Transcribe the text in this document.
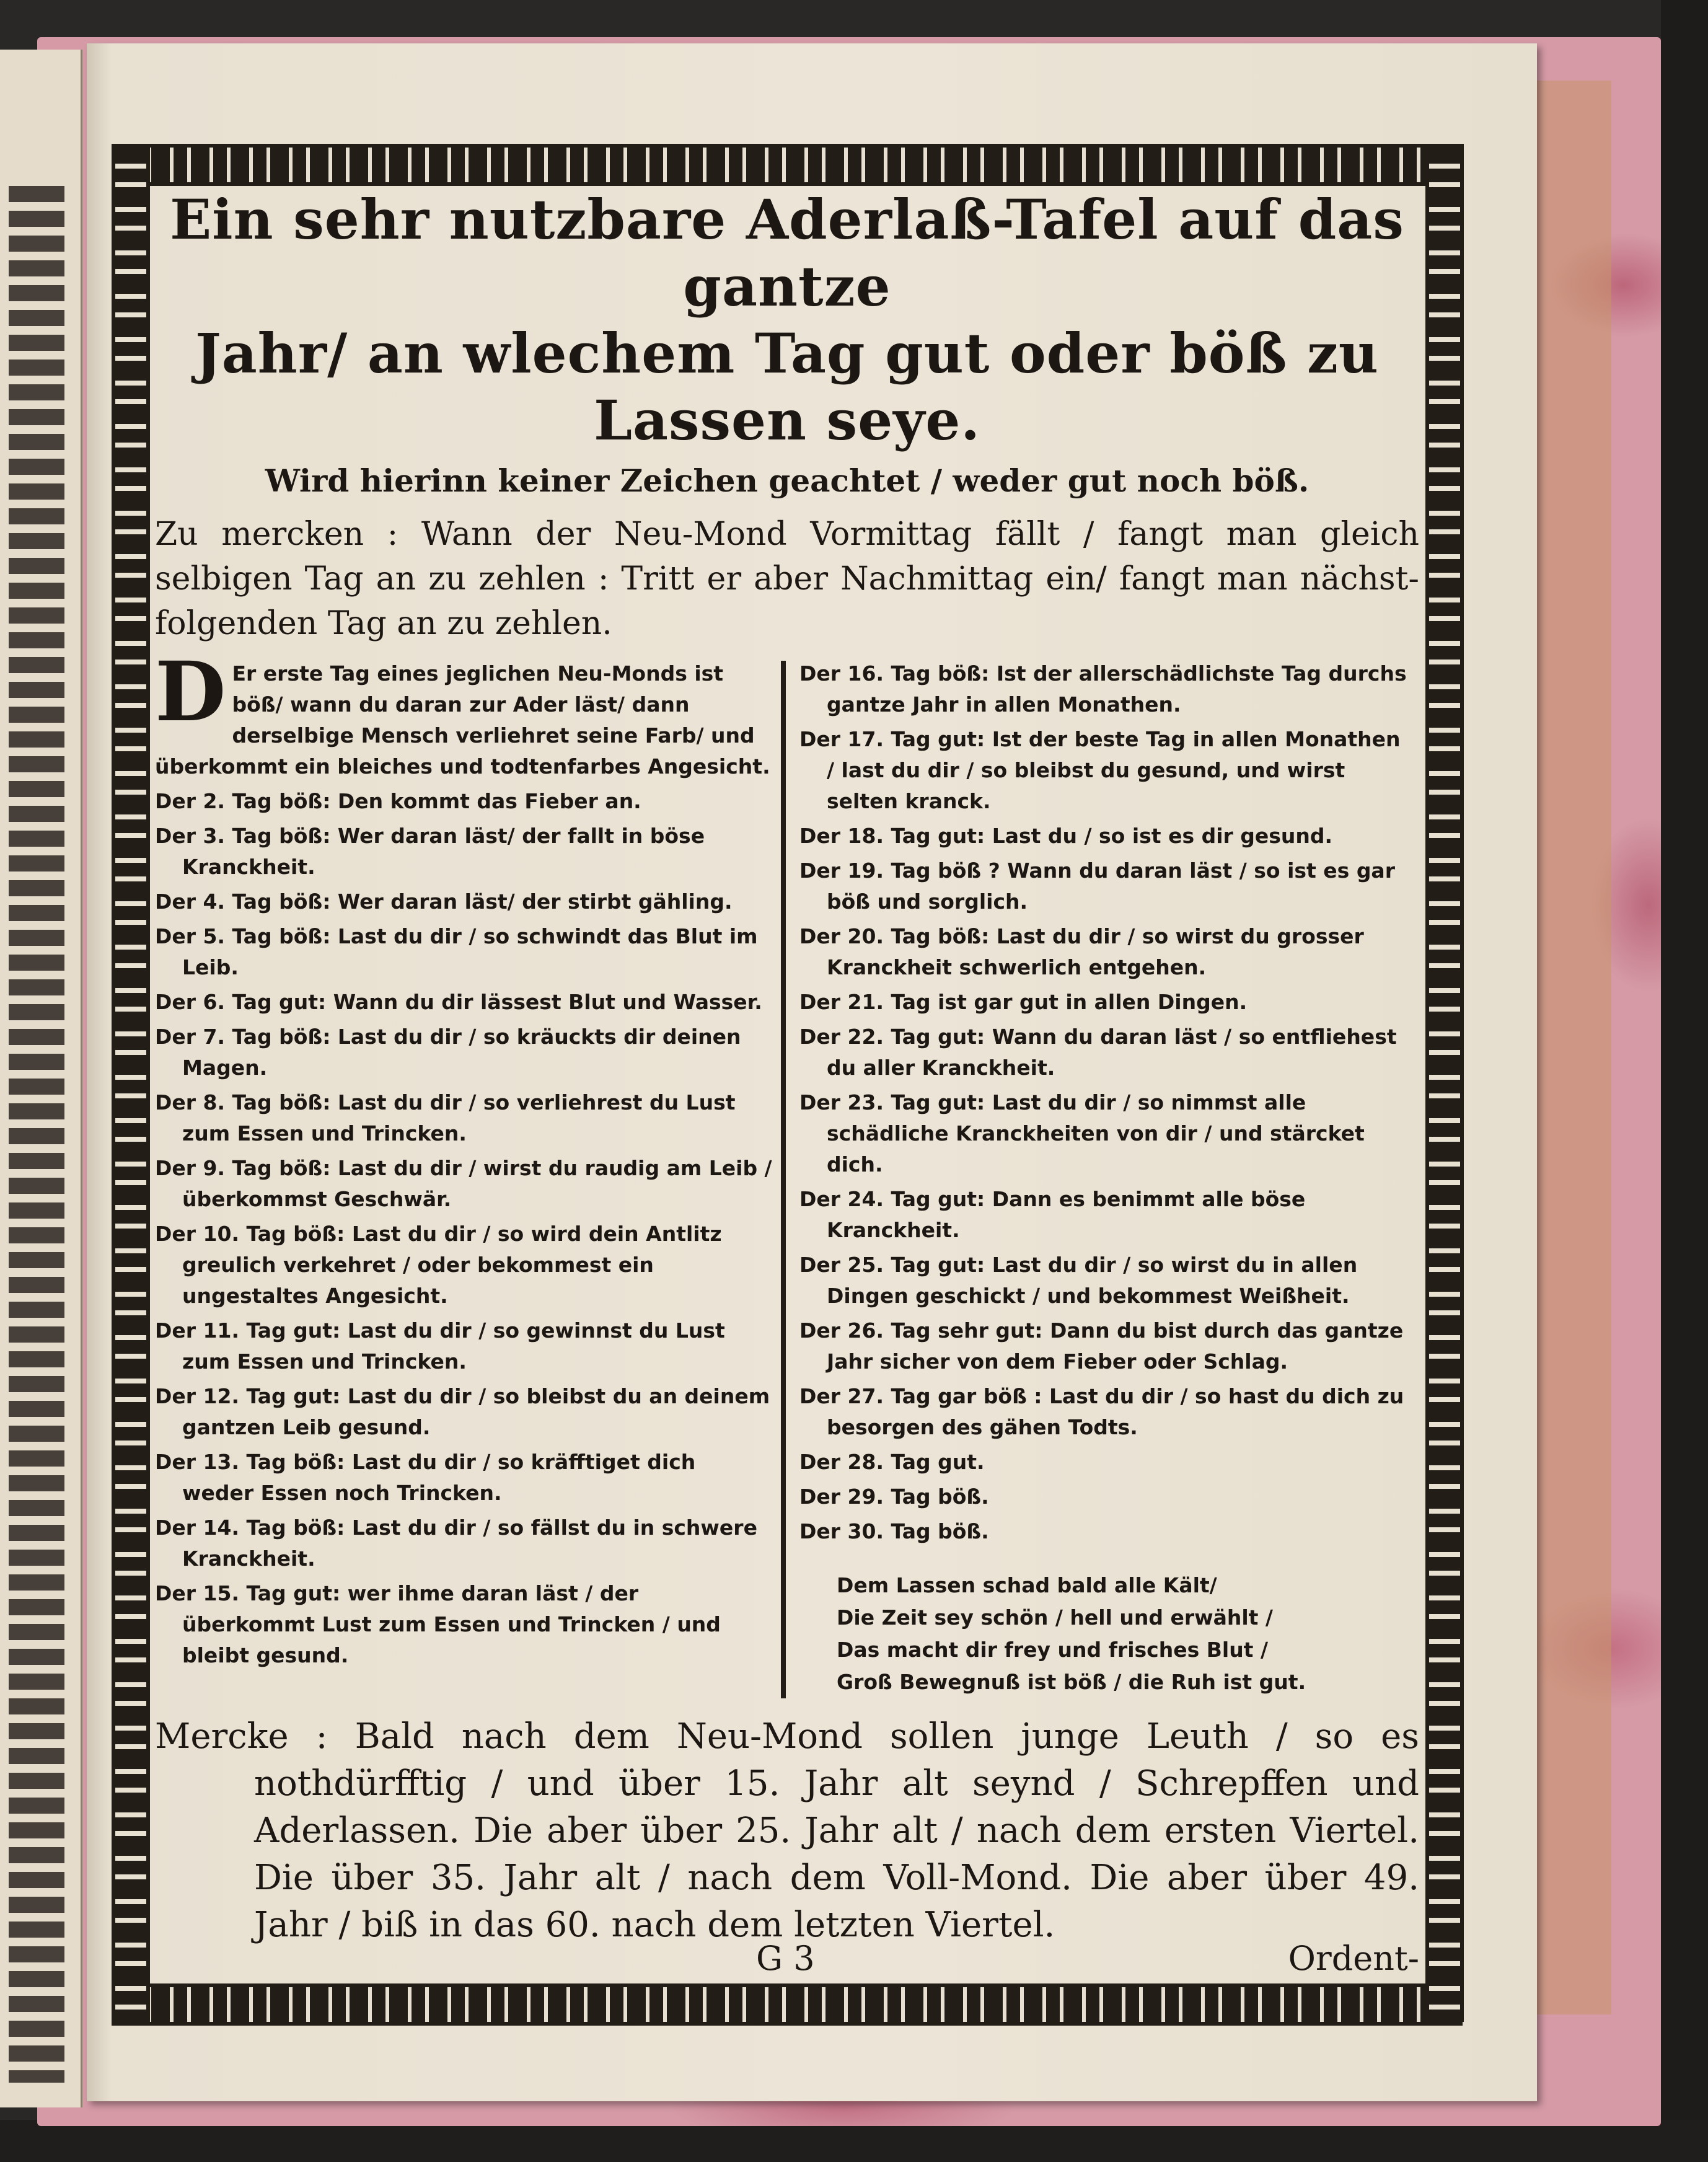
Ein sehr nutzbare Aderlaß-Tafel auf das gantze
Jahr/ an wlechem Tag gut oder böß zu Lassen seye.

Wird hierinn keiner Zeichen geachtet / weder gut noch böß.

Zu mercken : Wann der Neu-Mond Vormittag fällt / fangt man gleich selbigen Tag an zu zehlen : Tritt er aber Nachmittag ein/ fangt man nächst-folgenden Tag an zu zehlen.

D Er erste Tag eines jeglichen Neu-Monds ist böß/ wann du daran zur Ader läst/ dann derselbige Mensch verliehret seine Farb/ und überkommt ein bleiches und todtenfarbes Angesicht.

Der 2. Tag böß: Den kommt das Fieber an.

Der 3. Tag böß: Wer daran läst/ der fallt in böse Kranckheit.

Der 4. Tag böß: Wer daran läst/ der stirbt gähling.

Der 5. Tag böß: Last du dir / so schwindt das Blut im Leib.

Der 6. Tag gut: Wann du dir lässest Blut und Wasser.

Der 7. Tag böß: Last du dir / so kräuckts dir deinen Magen.

Der 8. Tag böß: Last du dir / so verliehrest du Lust zum Essen und Trincken.

Der 9. Tag böß: Last du dir / wirst du raudig am Leib / überkommst Geschwär.

Der 10. Tag böß: Last du dir / so wird dein Antlitz greulich verkehret / oder bekommest ein ungestaltes Angesicht.

Der 11. Tag gut: Last du dir / so gewinnst du Lust zum Essen und Trincken.

Der 12. Tag gut: Last du dir / so bleibst du an deinem gantzen Leib gesund.

Der 13. Tag böß: Last du dir / so kräfftiget dich weder Essen noch Trincken.

Der 14. Tag böß: Last du dir / so fällst du in schwere Kranckheit.

Der 15. Tag gut: wer ihme daran läst / der überkommt Lust zum Essen und Trincken / und bleibt gesund.

Der 16. Tag böß: Ist der allerschädlichste Tag durchs gantze Jahr in allen Monathen.

Der 17. Tag gut: Ist der beste Tag in allen Monathen / last du dir / so bleibst du gesund, und wirst selten kranck.

Der 18. Tag gut: Last du / so ist es dir gesund.

Der 19. Tag böß ? Wann du daran läst / so ist es gar böß und sorglich.

Der 20. Tag böß: Last du dir / so wirst du grosser Kranckheit schwerlich entgehen.

Der 21. Tag ist gar gut in allen Dingen.

Der 22. Tag gut: Wann du daran läst / so entfliehest du aller Kranckheit.

Der 23. Tag gut: Last du dir / so nimmst alle schädliche Kranckheiten von dir / und stärcket dich.

Der 24. Tag gut: Dann es benimmt alle böse Kranckheit.

Der 25. Tag gut: Last du dir / so wirst du in allen Dingen geschickt / und bekommest Weißheit.

Der 26. Tag sehr gut: Dann du bist durch das gantze Jahr sicher von dem Fieber oder Schlag.

Der 27. Tag gar böß : Last du dir / so hast du dich zu besorgen des gähen Todts.

Der 28. Tag gut.

Der 29. Tag böß.

Der 30. Tag böß.

Dem Lassen schad bald alle Kält/
Die Zeit sey schön / hell und erwählt /
Das macht dir frey und frisches Blut /
Groß Bewegnuß ist böß / die Ruh ist gut.

Mercke : Bald nach dem Neu-Mond sollen junge Leuth / so es nothdürfftig / und über 15. Jahr alt seynd / Schrepffen und Aderlassen. Die aber über 25. Jahr alt / nach dem ersten Viertel. Die über 35. Jahr alt / nach dem Voll-Mond. Die aber über 49. Jahr / biß in das 60. nach dem letzten Viertel.

G 3	Ordent-
